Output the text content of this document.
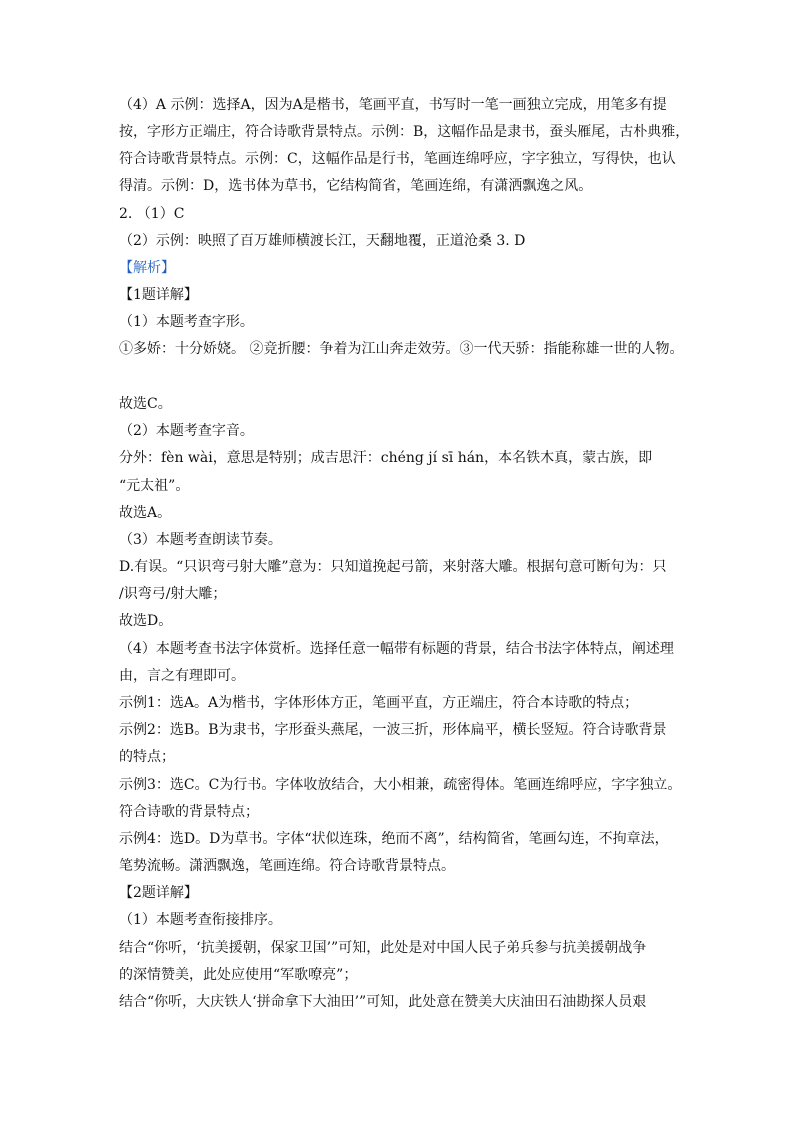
（4）A 示例：选择A，因为A是楷书，笔画平直，书写时一笔一画独立完成，用笔多有提
按，字形方正端庄，符合诗歌背景特点。示例：B，这幅作品是隶书，蚕头雁尾，古朴典雅，
符合诗歌背景特点。示例：C，这幅作品是行书，笔画连绵呼应，字字独立，写得快，也认
得清。示例：D，选书体为草书，它结构简省，笔画连绵，有潇洒飘逸之风。
2. （1）C
（2）示例：映照了百万雄师横渡长江，天翻地覆，正道沧桑 3. D
【解析】
【1题详解】
（1）本题考查字形。
①多娇：十分娇娆。 ②竞折腰：争着为江山奔走效劳。③一代天骄：指能称雄一世的人物。
故选C。
（2）本题考查字音。
分外：fèn wài，意思是特别；成吉思汗：chéng jí sī hán，本名铁木真，蒙古族，即
“元太祖”。
故选A。
（3）本题考查朗读节奏。
D.有误。“只识弯弓射大雕”意为：只知道挽起弓箭，来射落大雕。根据句意可断句为：只
/识弯弓/射大雕；
故选D。
（4）本题考查书法字体赏析。选择任意一幅带有标题的背景，结合书法字体特点，阐述理
由，言之有理即可。
示例1：选A。A为楷书，字体形体方正，笔画平直，方正端庄，符合本诗歌的特点；
示例2：选B。B为隶书，字形蚕头燕尾，一波三折，形体扁平，横长竖短。符合诗歌背景
的特点；
示例3：选C。C为行书。字体收放结合，大小相兼，疏密得体。笔画连绵呼应，字字独立。
符合诗歌的背景特点；
示例4：选D。D为草书。字体“状似连珠，绝而不离”，结构简省，笔画勾连，不拘章法，
笔势流畅。潇洒飘逸，笔画连绵。符合诗歌背景特点。
【2题详解】
（1）本题考查衔接排序。
结合“你听，‘抗美援朝，保家卫国’”可知，此处是对中国人民子弟兵参与抗美援朝战争
的深情赞美，此处应使用“军歌嘹亮”；
结合“你听，大庆铁人‘拼命拿下大油田’”可知，此处意在赞美大庆油田石油勘探人员艰
